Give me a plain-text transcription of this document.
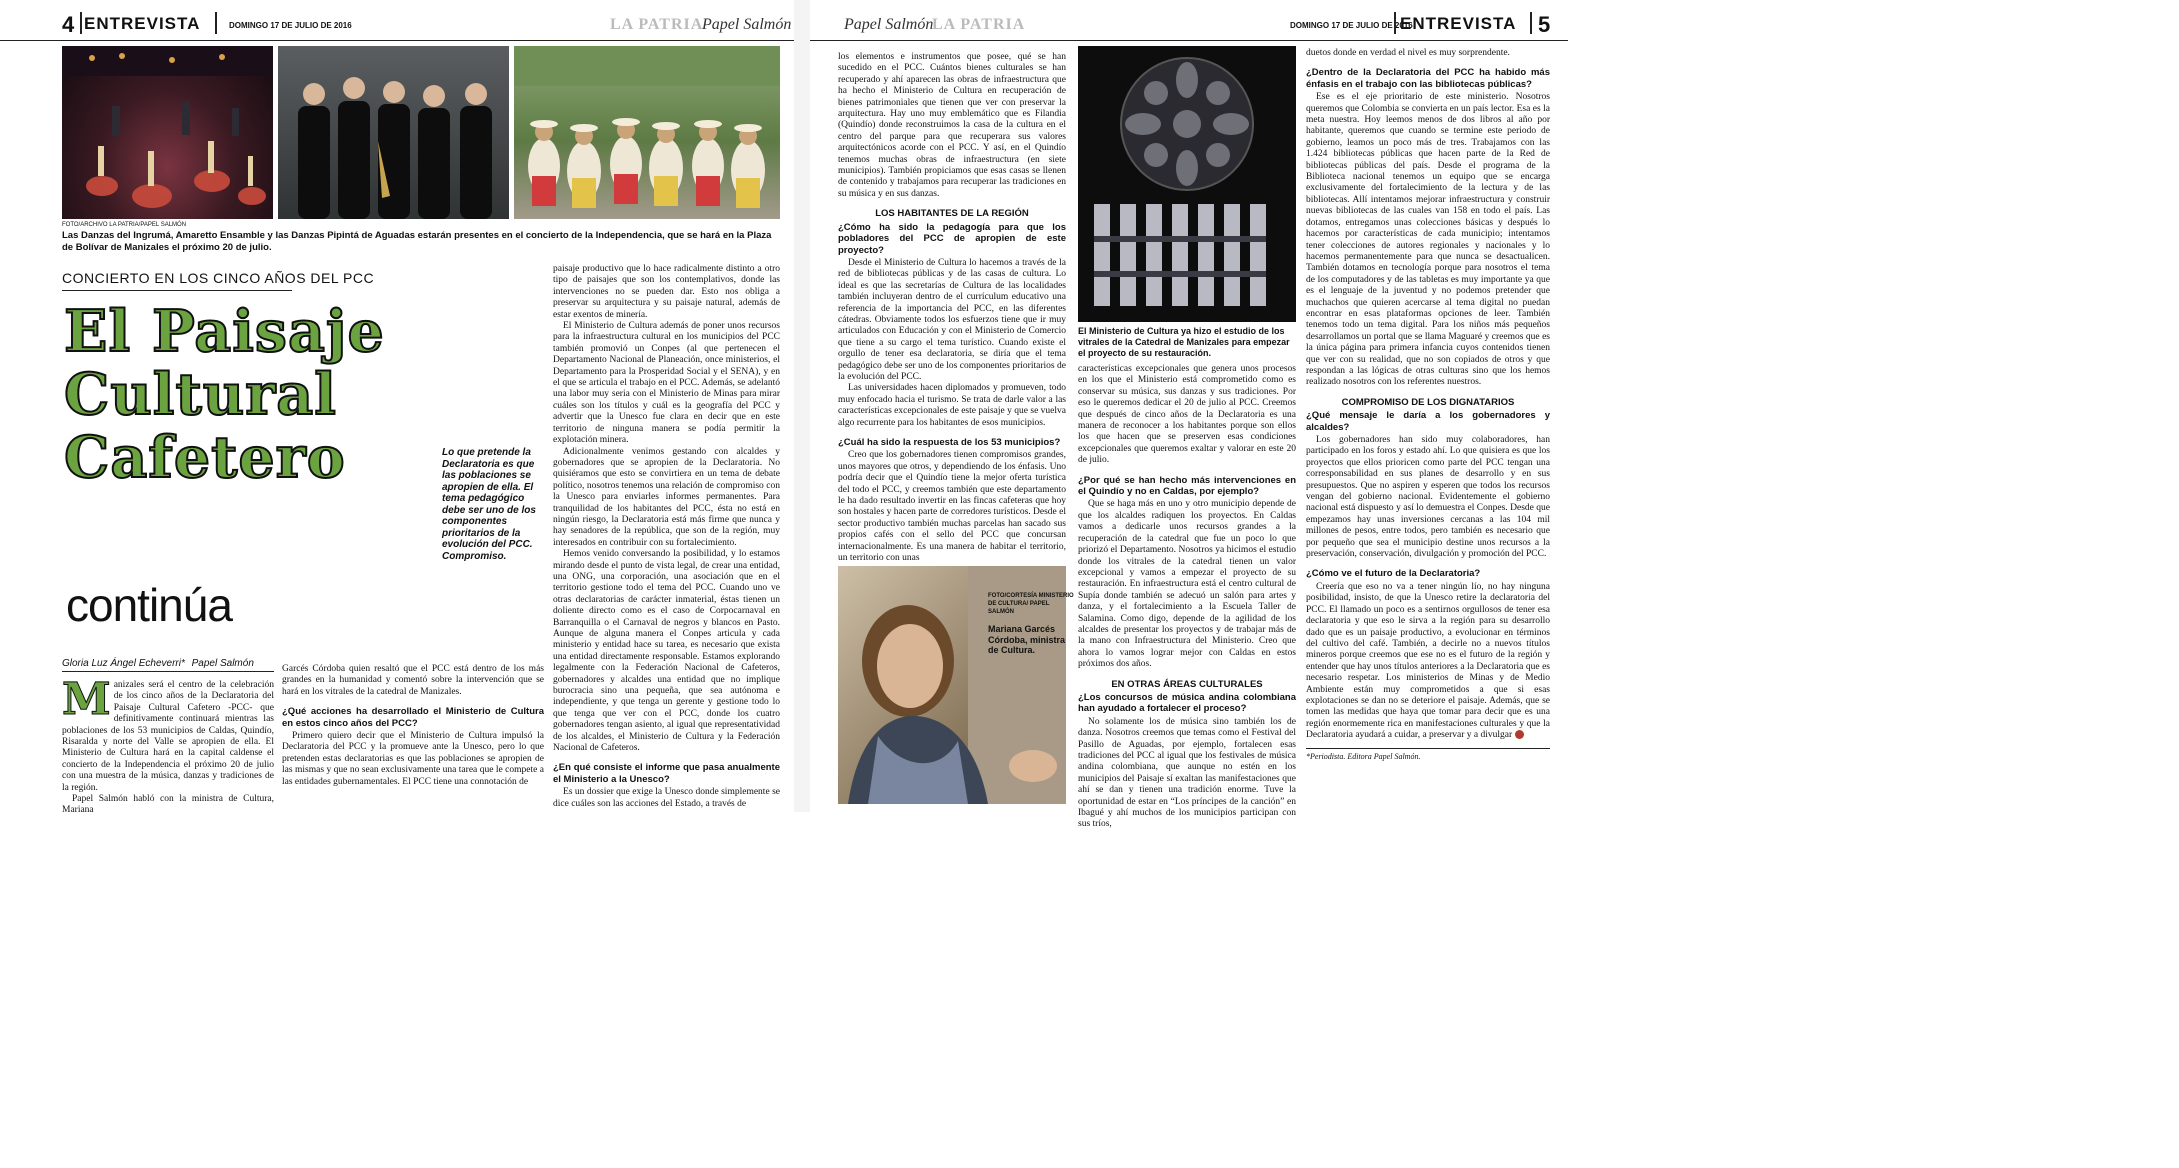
4 ENTREVISTA	DOMINGO 17 DE JULIO DE 2016	LA PATRIA
Papel Salmón
FOTO/ARCHIVO LA PATRIA/PAPEL SALMÓN
Las Danzas del Ingrumá, Amaretto Ensamble y las Danzas Pipintá de Aguadas estarán presentes en el concierto de la Independencia, que se hará en la Plaza de Bolívar de Manizales el próximo 20 de julio.
CONCIERTO EN LOS CINCO AÑOS DEL PCC
El Paisaje
Cultural
Cafetero
continúa
Lo que pretende la Declaratoria es que las poblaciones se apropien de ella. El tema pedagógico debe ser uno de los componentes prioritarios de la evolución del PCC. Compromiso.
Gloria Luz Ángel Echeverri* Papel Salmón

Manizales será el centro de la celebración de los cinco años de la Declaratoria del Paisaje Cultural Cafetero -PCC- que definitivamente continuará mientras las poblaciones de los 53 municipios de Caldas, Quindío, Risaralda y norte del Valle se apropien de ella. El Ministerio de Cultura hará en la capital caldense el concierto de la Independencia el próximo 20 de julio con una muestra de la música, danzas y tradiciones de la región.

Papel Salmón habló con la ministra de Cultura, Mariana

Garcés Córdoba quien resaltó que el PCC está dentro de los más grandes en la humanidad y comentó sobre la intervención que se hará en los vitrales de la catedral de Manizales.

¿Qué acciones ha desarrollado el Ministerio de Cultura en estos cinco años del PCC?

Primero quiero decir que el Ministerio de Cultura impulsó la Declaratoria del PCC y la promueve ante la Unesco, pero lo que pretenden estas declaratorias es que las poblaciones se apropien de las mismas y que no sean exclusivamente una tarea que le compete a las entidades gubernamentales. El PCC tiene una connotación de

paisaje productivo que lo hace radicalmente distinto a otro tipo de paisajes que son los contemplativos, donde las intervenciones no se pueden dar. Esto nos obliga a preservar su arquitectura y su paisaje natural, además de estar exentos de minería.

El Ministerio de Cultura además de poner unos recursos para la infraestructura cultural en los municipios del PCC también promovió un Conpes (al que pertenecen el Departamento Nacional de Planeación, once ministerios, el Departamento para la Prosperidad Social y el SENA), y en el que se articula el trabajo en el PCC. Además, se adelantó una labor muy seria con el Ministerio de Minas para mirar cuáles son los títulos y cuál es la geografía del PCC y advertir que la Unesco fue clara en decir que en este territorio de ninguna manera se podía permitir la explotación minera.

Adicionalmente venimos gestando con alcaldes y gobernadores que se apropien de la Declaratoria. No quisiéramos que esto se convirtiera en un tema de debate político, nosotros tenemos una relación de compromiso con la Unesco para enviarles informes permanentes. Para tranquilidad de los habitantes del PCC, ésta no está en ningún riesgo, la Declaratoria está más firme que nunca y hay senadores de la república, que son de la región, muy interesados en contribuir con su fortalecimiento.

Hemos venido conversando la posibilidad, y lo estamos mirando desde el punto de vista legal, de crear una entidad, una ONG, una corporación, una asociación que en el territorio gestione todo el tema del PCC. Cuando uno ve otras declaratorias de carácter inmaterial, éstas tienen un doliente directo como es el caso de Corpocarnaval en Barranquilla o el Carnaval de negros y blancos en Pasto. Aunque de alguna manera el Conpes articula y cada ministerio y entidad hace su tarea, es necesario que exista una entidad directamente responsable. Estamos explorando legalmente con la Federación Nacional de Cafeteros, gobernadores y alcaldes una entidad que no implique burocracia sino una pequeña, que sea autónoma e independiente, y que tenga un gerente y gestione todo lo que tenga que ver con el PCC, donde los cuatro gobernadores tengan asiento, al igual que representatividad de los alcaldes, el Ministerio de Cultura y la Federación Nacional de Cafeteros.

¿En qué consiste el informe que pasa anualmente el Ministerio a la Unesco?

Es un dossier que exige la Unesco donde simplemente se dice cuáles son las acciones del Estado, a través de

Papel Salmón
LA PATRIA	DOMINGO 17 DE JULIO DE 2016
ENTREVISTA 5

los elementos e instrumentos que posee, qué se han sucedido en el PCC. Cuántos bienes culturales se han recuperado y ahí aparecen las obras de infraestructura que ha hecho el Ministerio de Cultura en recuperación de bienes patrimoniales que tienen que ver con preservar la arquitectura. Hay uno muy emblemático que es Filandia (Quindío) donde reconstruimos la casa de la cultura en el centro del parque para que recuperara sus valores arquitectónicos acorde con el PCC. Y así, en el Quindío tenemos muchas obras de infraestructura (en siete municipios). También propiciamos que esas casas se llenen de contenido y trabajamos para recuperar las tradiciones en su música y en sus danzas.

LOS HABITANTES DE LA REGIÓN
¿Cómo ha sido la pedagogía para que los pobladores del PCC de apropien de este proyecto?

Desde el Ministerio de Cultura lo hacemos a través de la red de bibliotecas públicas y de las casas de cultura. Lo ideal es que las secretarías de Cultura de las localidades también incluyeran dentro de el currículum educativo una referencia de la importancia del PCC, en las diferentes cátedras. Obviamente todos los esfuerzos tiene que ir muy articulados con Educación y con el Ministerio de Comercio que tiene a su cargo el tema turístico. Cuando existe el orgullo de tener esa declaratoria, se diría que el tema pedagógico debe ser uno de los componentes prioritarios de la evolución del PCC.

Las universidades hacen diplomados y promueven, todo muy enfocado hacia el turismo. Se trata de darle valor a las características excepcionales de este paisaje y que se vuelva algo recurrente para los habitantes de esos municipios.

¿Cuál ha sido la respuesta de los 53 municipios?

Creo que los gobernadores tienen compromisos grandes, unos mayores que otros, y dependiendo de los énfasis. Uno podría decir que el Quindío tiene la mejor oferta turística del todo el PCC, y creemos también que este departamento le ha dado resultado invertir en las fincas cafeteras que hoy son hostales y hacen parte de corredores turísticos. Desde el sector productivo también muchas parcelas han sacado sus propios cafés con el sello del PCC que concursan internacionalmente. Es una manera de habitar el territorio, un territorio con unas

FOTO/CORTESÍA MINISTERIO DE CULTURA/ PAPEL SALMÓN
Mariana Garcés Córdoba, ministra de Cultura.
El Ministerio de Cultura ya hizo el estudio de los vitrales de la Catedral de Manizales para empezar el proyecto de su restauración.

características excepcionales que genera unos procesos en los que el Ministerio está comprometido como es conservar su música, sus danzas y sus tradiciones. Por eso le queremos dedicar el 20 de julio al PCC. Creemos que después de cinco años de la Declaratoria es una manera de reconocer a los habitantes porque son ellos los que hacen que se preserven esas condiciones excepcionales que queremos exaltar y valorar en este 20 de julio.

¿Por qué se han hecho más intervenciones en el Quindío y no en Caldas, por ejemplo?

Que se haga más en uno y otro municipio depende de que los alcaldes radiquen los proyectos. En Caldas vamos a dedicarle unos recursos grandes a la recuperación de la catedral que fue un poco lo que priorizó el Departamento. Nosotros ya hicimos el estudio donde los vitrales de la catedral tienen un valor excepcional y vamos a empezar el proyecto de su restauración. En infraestructura está el centro cultural de Supía donde también se adecuó un salón para artes y danza, y el fortalecimiento a la Escuela Taller de Salamina. Como digo, depende de la agilidad de los alcaldes de presentar los proyectos y de trabajar más de la mano con Infraestructura del Ministerio. Creo que ahora lo vamos lograr mejor con Caldas en estos próximos dos años.

EN OTRAS ÁREAS CULTURALES
¿Los concursos de música andina colombiana han ayudado a fortalecer el proceso?

No solamente los de música sino también los de danza. Nosotros creemos que temas como el Festival del Pasillo de Aguadas, por ejemplo, fortalecen esas tradiciones del PCC al igual que los festivales de música andina colombiana, que aunque no estén en los municipios del Paisaje sí exaltan las manifestaciones que ahí se dan y tienen una tradición enorme. Tuve la oportunidad de estar en “Los príncipes de la canción” en Ibagué y ahí muchos de los municipios participan con sus tríos,

duetos donde en verdad el nivel es muy sorprendente.

¿Dentro de la Declaratoria del PCC ha habido más énfasis en el trabajo con las bibliotecas públicas?

Ese es el eje prioritario de este ministerio. Nosotros queremos que Colombia se convierta en un país lector. Esa es la meta nuestra. Hoy leemos menos de dos libros al año por habitante, queremos que cuando se termine este periodo de gobierno, leamos un poco más de tres. Trabajamos con las 1.424 bibliotecas públicas que hacen parte de la Red de bibliotecas públicas del país. Desde el programa de la Biblioteca nacional tenemos un equipo que se encarga exclusivamente del fortalecimiento de la lectura y de las bibliotecas. Allí intentamos mejorar infraestructura y construir nuevas bibliotecas de las cuales van 158 en todo el país. Las dotamos, entregamos unas colecciones básicas y después lo hacemos por características de cada municipio; intentamos tener colecciones de autores regionales y nacionales y lo hacemos permanentemente para que nunca se desactualicen. También dotamos en tecnología porque para nosotros el tema de los computadores y de las tabletas es muy importante ya que es el lenguaje de la juventud y no podemos pretender que muchachos que quieren acercarse al tema digital no puedan encontrar en esas plataformas opciones de leer. También tenemos todo un tema digital. Para los niños más pequeños desarrollamos un portal que se llama Maguaré y creemos que es la única página para primera infancia cuyos contenidos tienen que ver con su realidad, que no son copiados de otros y que respondan a las lógicas de otras culturas sino que los hemos realizado nosotros con los referentes nuestros.

COMPROMISO DE LOS DIGNATARIOS
¿Qué mensaje le daría a los gobernadores y alcaldes?

Los gobernadores han sido muy colaboradores, han participado en los foros y estado ahí. Lo que quisiera es que los proyectos que ellos prioricen como parte del PCC tengan una corresponsabilidad en sus planes de desarrollo y en sus presupuestos. Que no aspiren y esperen que todos los recursos vengan del gobierno nacional. Evidentemente el gobierno nacional está dispuesto y así lo demuestra el Conpes. Desde que empezamos hay unas inversiones cercanas a las 104 mil millones de pesos, entre todos, pero también es necesario que por pequeño que sea el municipio destine unos recursos a la preservación, conservación, divulgación y promoción del PCC.

¿Cómo ve el futuro de la Declaratoria?

Creería que eso no va a tener ningún lío, no hay ninguna posibilidad, insisto, de que la Unesco retire la declaratoria del PCC. El llamado un poco es a sentirnos orgullosos de tener esa declaratoria y que eso le sirva a la región para su desarrollo dado que es un paisaje productivo, a evolucionar en términos del cultivo del café. También, a decirle no a nuevos títulos mineros porque creemos que ese no es el futuro de la región y entender que hay unos títulos anteriores a la Declaratoria que es necesario respetar. Los ministerios de Minas y de Medio Ambiente están muy comprometidos a que si esas explotaciones se dan no se deteriore el paisaje. Además, que se tomen las medidas que haya que tomar para decir que es una región enormemente rica en manifestaciones culturales y que la Declaratoria ayudará a cuidar, a preservar y a divulgar

*Periodista. Editora Papel Salmón.
